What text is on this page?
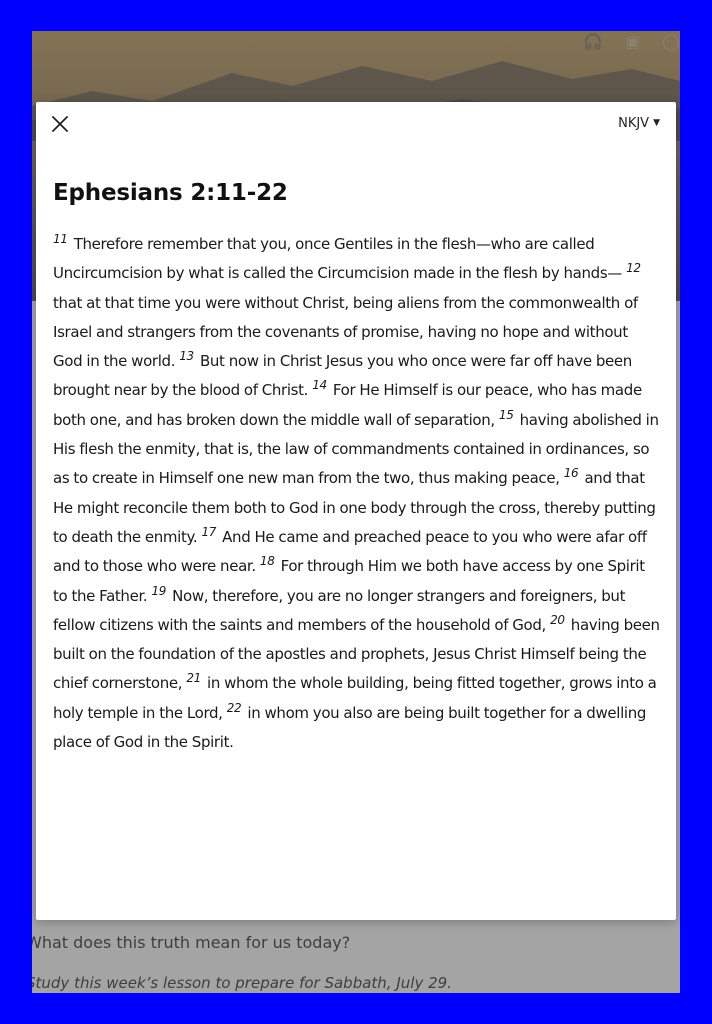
NKJV ▼
Ephesians 2:11-22
$^{11}$ Therefore remember that you, once Gentiles in the flesh—who are called Uncircumcision by what is called the Circumcision made in the flesh by hands— $^{12}$ that at that time you were without Christ, being aliens from the commonwealth of Israel and strangers from the covenants of promise, having no hope and without God in the world. $^{13}$ But now in Christ Jesus you who once were far off have been brought near by the blood of Christ. $^{14}$ For He Himself is our peace, who has made both one, and has broken down the middle wall of separation, $^{15}$ having abolished in His flesh the enmity, that is, the law of commandments contained in ordinances, so as to create in Himself one new man from the two, thus making peace, $^{16}$ and that He might reconcile them both to God in one body through the cross, thereby putting to death the enmity. $^{17}$ And He came and preached peace to you who were afar off and to those who were near. $^{18}$ For through Him we both have access by one Spirit to the Father. $^{19}$ Now, therefore, you are no longer strangers and foreigners, but fellow citizens with the saints and members of the household of God, $^{20}$ having been built on the foundation of the apostles and prophets, Jesus Christ Himself being the chief cornerstone, $^{21}$ in whom the whole building, being fitted together, grows into a holy temple in the Lord, $^{22}$ in whom you also are being built together for a dwelling place of God in the Spirit.
